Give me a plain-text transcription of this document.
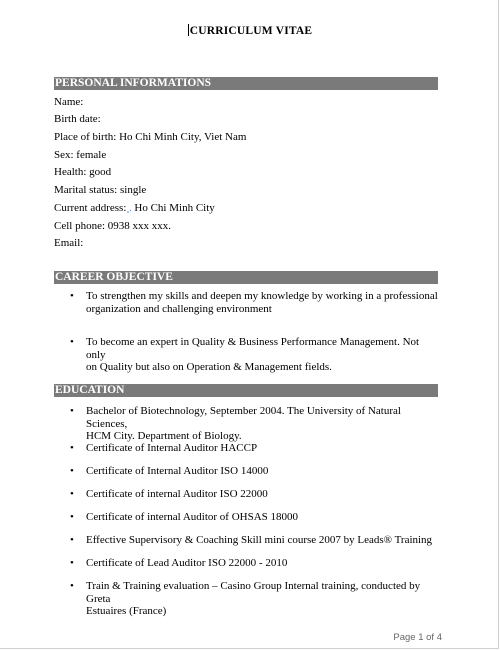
CURRICULUM VITAE
PERSONAL INFORMATIONS
Name:
Birth date:
Place of birth: Ho Chi Minh City, Viet Nam
Sex: female
Health: good
Marital status: single
Current address:¸. Ho Chi Minh City
Cell phone: 0938 xxx xxx.
Email:
CAREER OBJECTIVE
• To strengthen my skills and deepen my knowledge by working in a professional
organization and challenging environment
• To become an expert in Quality & Business Performance Management. Not only
on Quality but also on Operation & Management fields.
EDUCATION
• Bachelor of Biotechnology, September 2004. The University of Natural Sciences,
HCM City. Department of Biology.
• Certificate of Internal Auditor HACCP
• Certificate of Internal Auditor ISO 14000
• Certificate of internal Auditor ISO 22000
• Certificate of internal Auditor of OHSAS 18000
• Effective Supervisory & Coaching Skill mini course 2007 by Leads® Training
• Certificate of Lead Auditor ISO 22000 - 2010
• Train & Training evaluation – Casino Group Internal training, conducted by Greta
Estuaires (France)
Page 1 of 4
